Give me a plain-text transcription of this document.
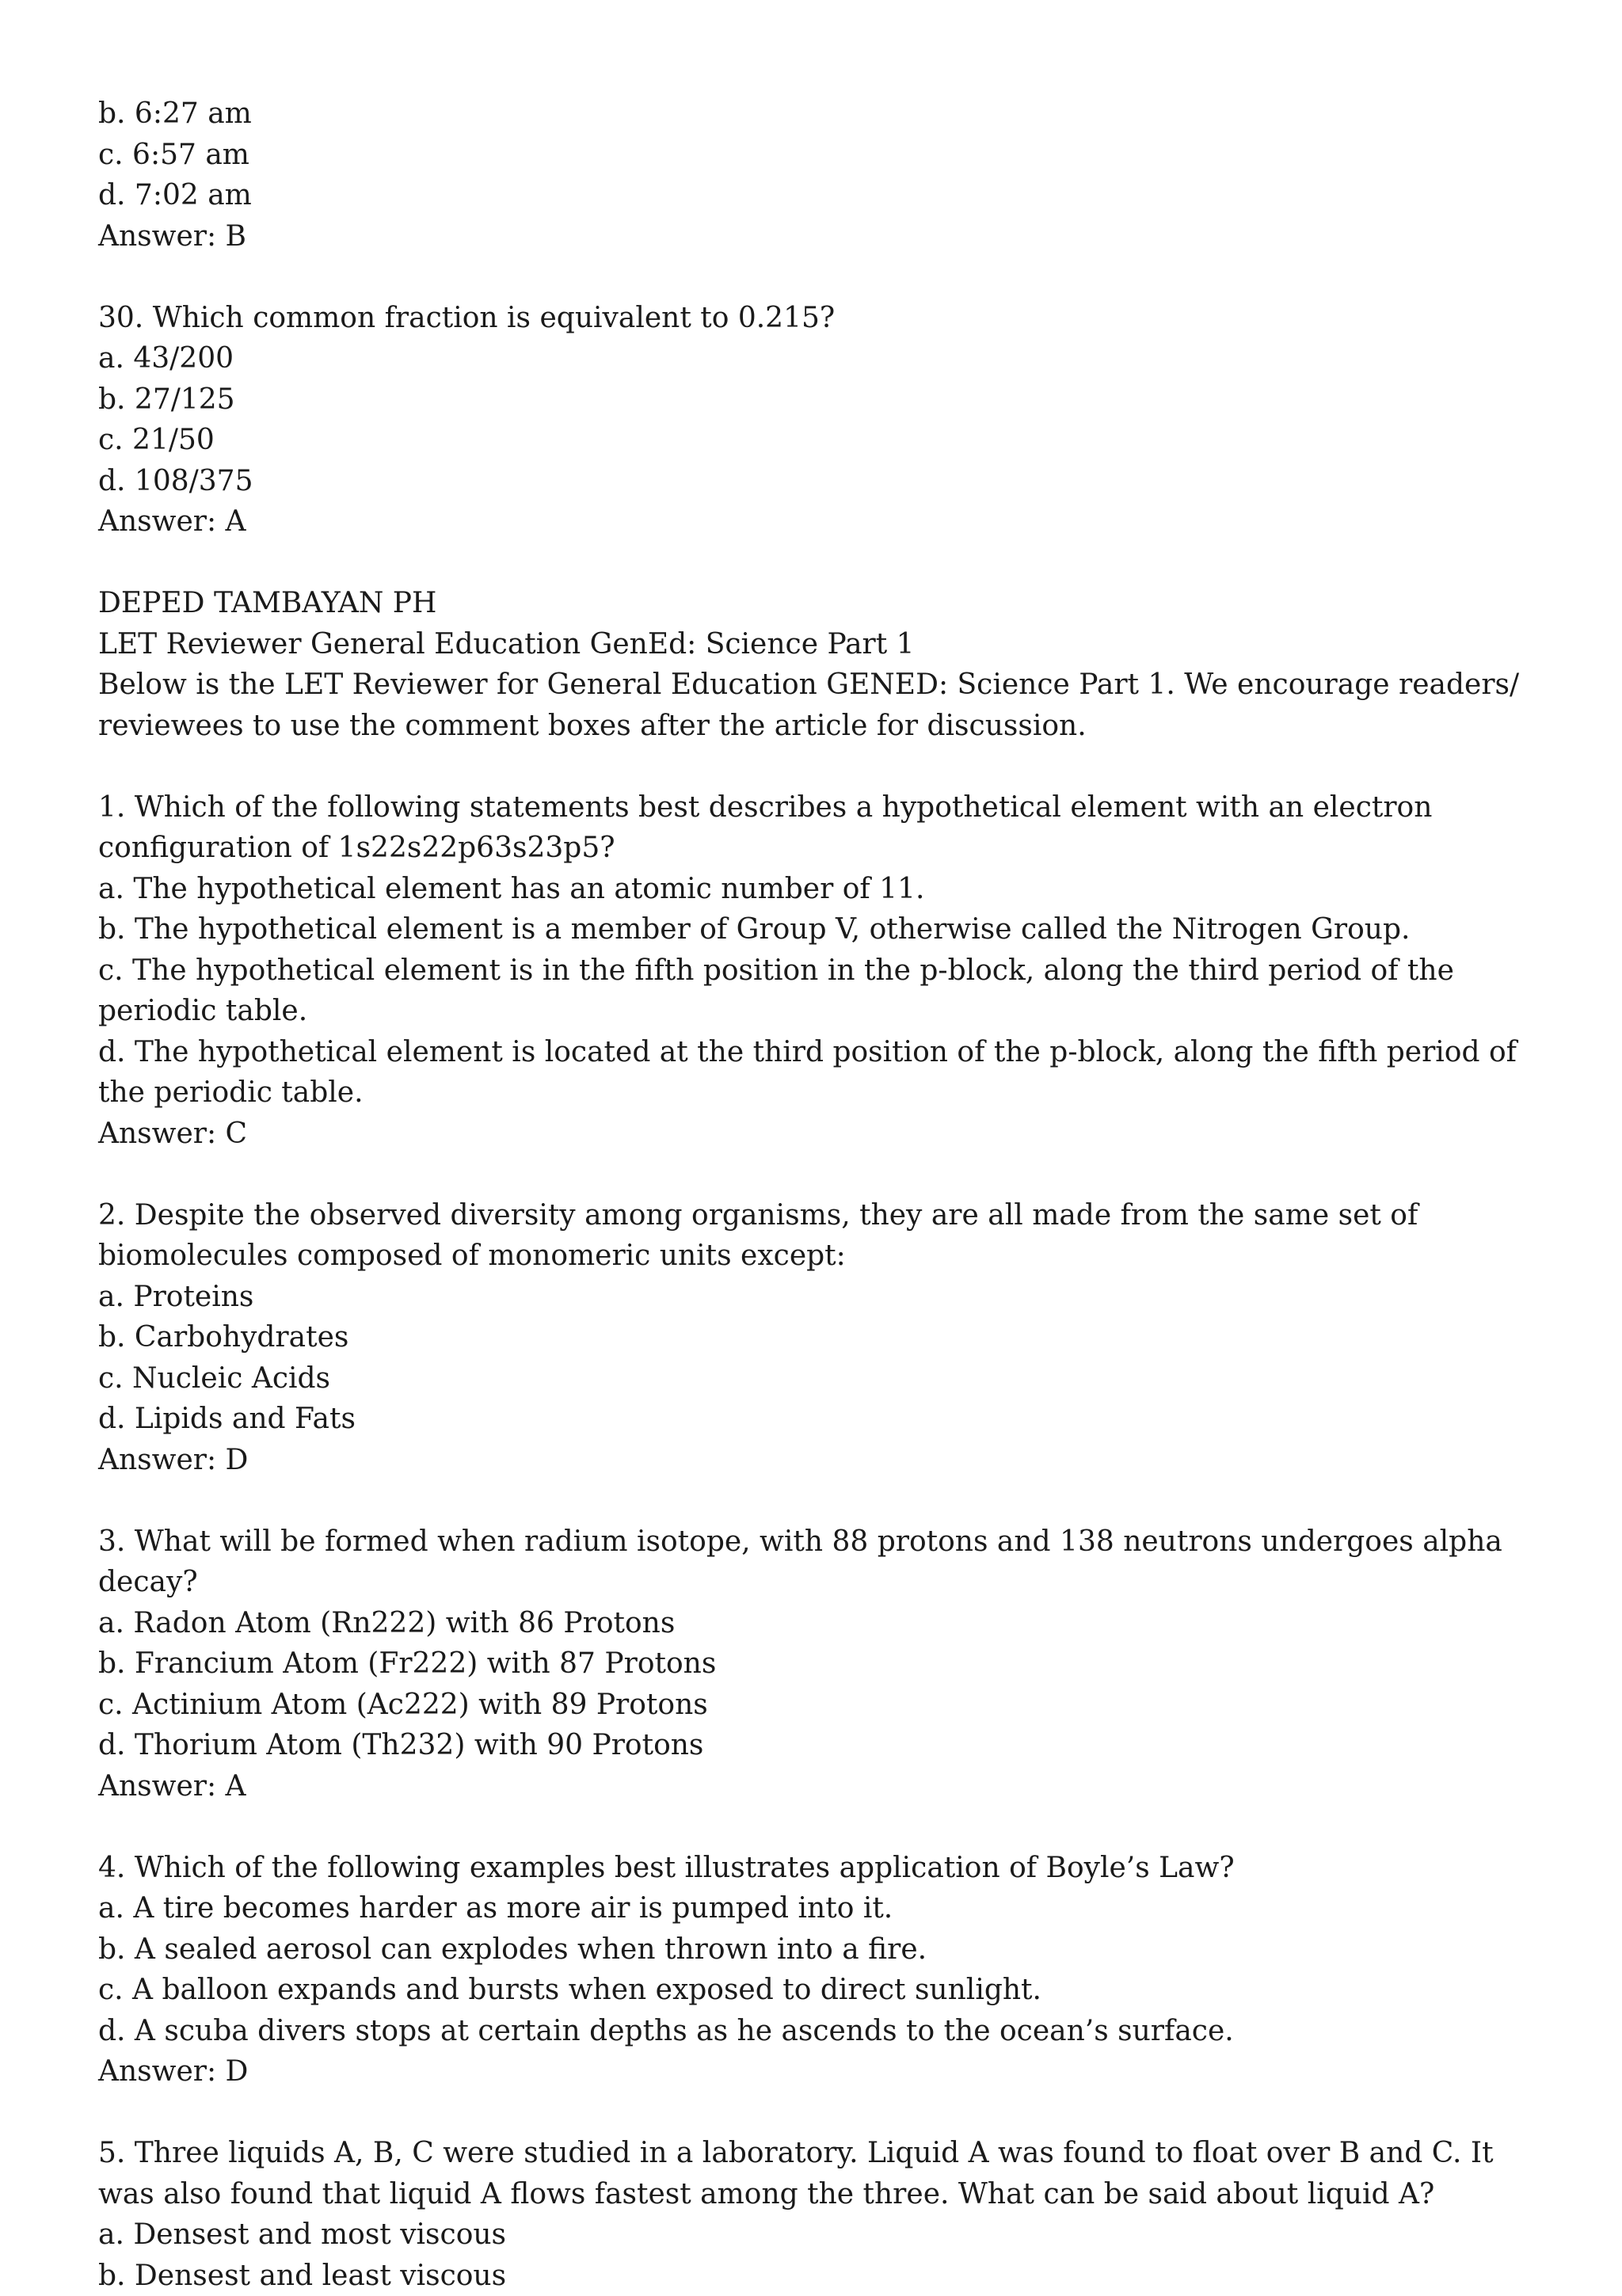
b. 6:27 am
c. 6:57 am
d. 7:02 am
Answer: B
30. Which common fraction is equivalent to 0.215?
a. 43/200
b. 27/125
c. 21/50
d. 108/375
Answer: A
DEPED TAMBAYAN PH
LET Reviewer General Education GenEd: Science Part 1
Below is the LET Reviewer for General Education GENED: Science Part 1. We encourage readers/ reviewees to use the comment boxes after the article for discussion.
1. Which of the following statements best describes a hypothetical element with an electron configuration of 1s22s22p63s23p5?
a. The hypothetical element has an atomic number of 11.
b. The hypothetical element is a member of Group V, otherwise called the Nitrogen Group.
c. The hypothetical element is in the fifth position in the p-block, along the third period of the periodic table.
d. The hypothetical element is located at the third position of the p-block, along the fifth period of the periodic table.
Answer: C
2. Despite the observed diversity among organisms, they are all made from the same set of biomolecules composed of monomeric units except:
a. Proteins
b. Carbohydrates
c. Nucleic Acids
d. Lipids and Fats
Answer: D
3. What will be formed when radium isotope, with 88 protons and 138 neutrons undergoes alpha decay?
a. Radon Atom (Rn222) with 86 Protons
b. Francium Atom (Fr222) with 87 Protons
c. Actinium Atom (Ac222) with 89 Protons
d. Thorium Atom (Th232) with 90 Protons
Answer: A
4. Which of the following examples best illustrates application of Boyle’s Law?
a. A tire becomes harder as more air is pumped into it.
b. A sealed aerosol can explodes when thrown into a fire.
c. A balloon expands and bursts when exposed to direct sunlight.
d. A scuba divers stops at certain depths as he ascends to the ocean’s surface.
Answer: D
5. Three liquids A, B, C were studied in a laboratory. Liquid A was found to float over B and C. It was also found that liquid A flows fastest among the three. What can be said about liquid A?
a. Densest and most viscous
b. Densest and least viscous
